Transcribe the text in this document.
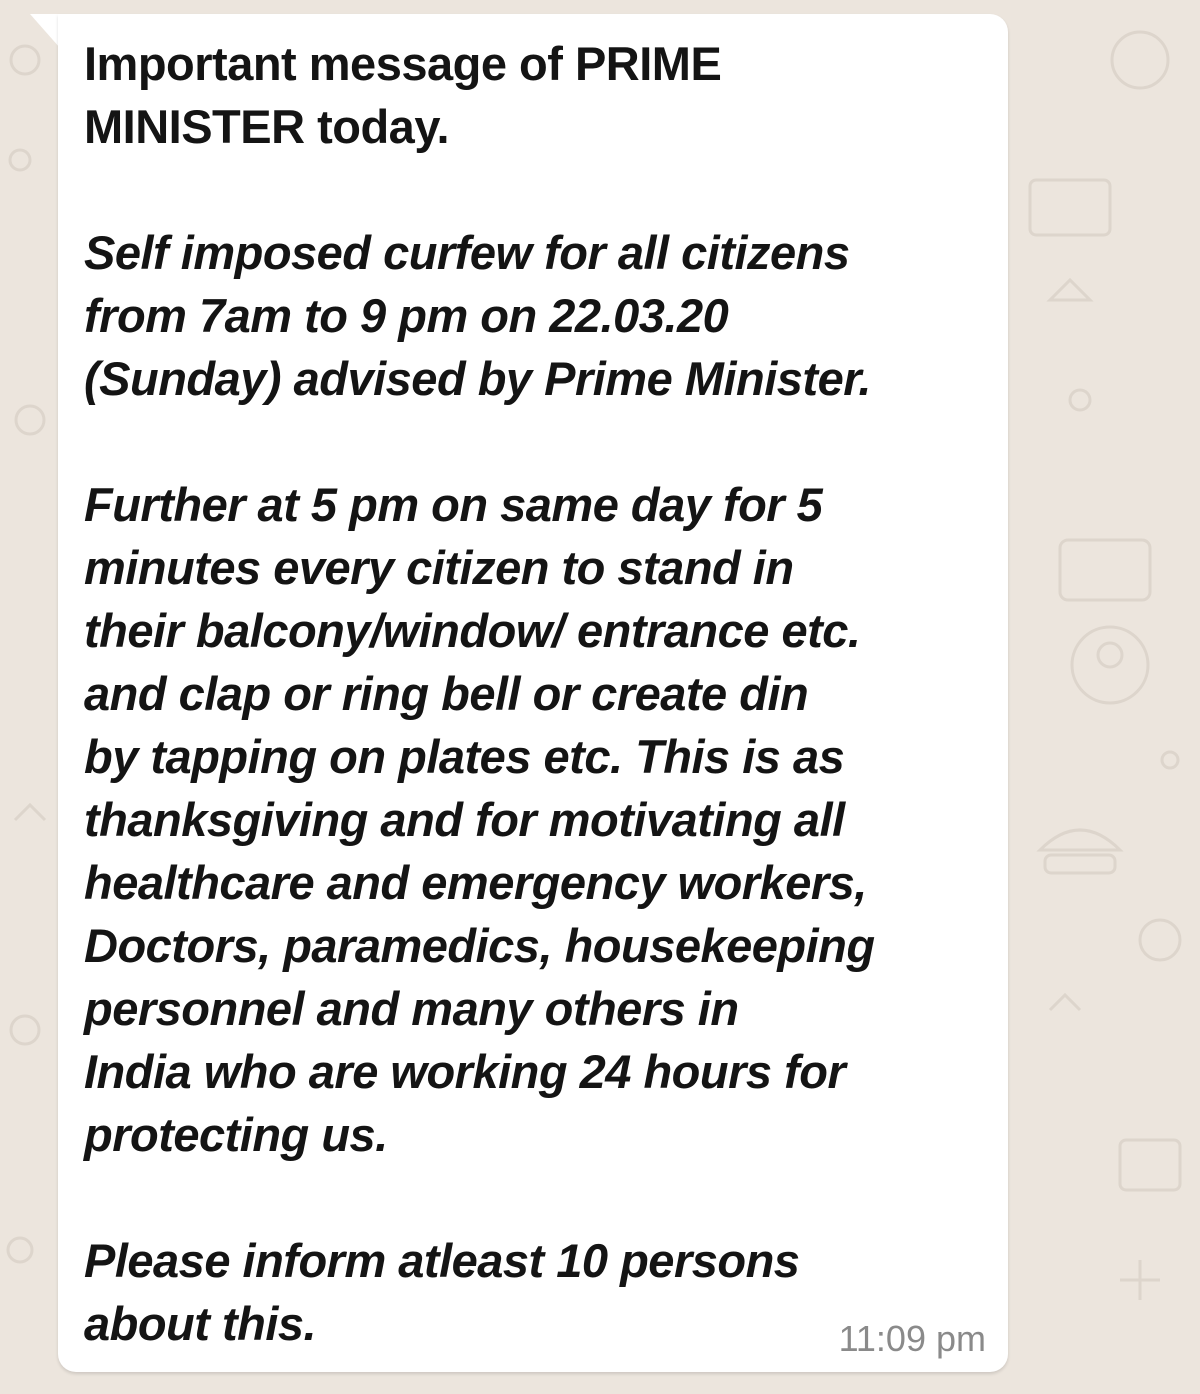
Important message of PRIME
MINISTER today.

Self imposed curfew for all citizens
from 7am to 9 pm on 22.03.20
(Sunday) advised by Prime Minister.

Further at 5 pm on same day for 5
minutes every citizen to stand in
their balcony/window/ entrance etc.
and clap or ring bell or create din
by tapping on plates etc. This is as
thanksgiving and for motivating all
healthcare and emergency workers,
Doctors, paramedics, housekeeping
personnel and many others in
India who are working 24 hours for
protecting us.

Please inform atleast 10 persons
about this.	11:09 pm
